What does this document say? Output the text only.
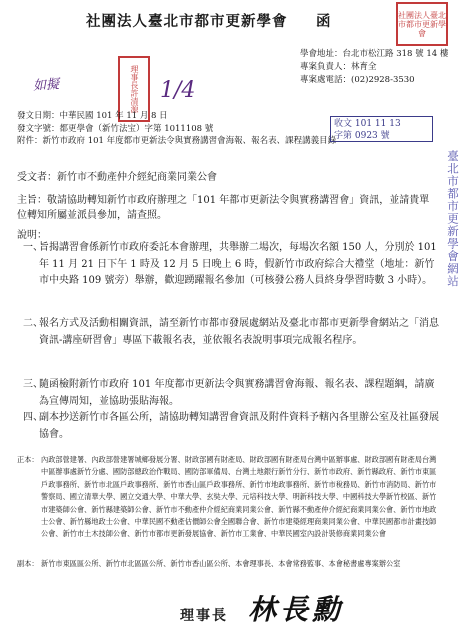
社團法人臺北市都市更新學會 函	社團法人臺北市都市更新學會
如擬	理事長許清源 1/4
學會地址：台北市松江路 318 號 14 樓
專案負責人：林育全
專案處電話：(02)2928-3530
發文日期：中華民國 101 年 11 月 8 日
發文字號：都更學會（新竹法宝）字第 1011108 號
附件：新竹市政府 101 年度都市更新法令與實務講習會海報、報名表、課程講義目錄
收文 101 11 13
字第 0923 號
臺北市都市更新學會網站
受文者：新竹市不動產仲介經紀商業同業公會
主旨：敬請協助轉知新竹市政府辦理之「101 年都市更新法令與實務講習會」資訊，並請貴單位轉知所屬並派員參加，請查照。
說明：
一、
旨揭講習會係新竹市政府委託本會辦理，共舉辦二場次，每場次名額 150 人，分別於 101 年 11 月 21 日下午 1 時及 12 月 5 日晚上 6 時，假新竹市政府綜合大禮堂（地址：新竹市中央路 109 號旁）舉辦，歡迎踴躍報名參加（可核發公務人員終身學習時數 3 小時）。
二、
報名方式及活動相關資訊，請至新竹市都市發展處網站及臺北市都市更新學會網站之「消息資訊-講座研習會」專區下載報名表，並依報名表說明事項完成報名程序。
三、
隨函檢附新竹市政府 101 年度都市更新法令與實務講習會海報、報名表、課程題綱，請廣為宣傳周知，並協助張貼海報。
四、
副本抄送新竹市各區公所，請協助轉知講習會資訊及附件資料予轄內各里辦公室及社區發展協會。
正本： 內政部營建署、內政部營建署城鄉發展分署、財政部國有財產局、財政部國有財產局台灣中區辦事處、財政部國有財產局台灣中區辦事處新竹分處、國防部總政治作戰局、國防部軍備局、台灣土地銀行新竹分行、新竹市政府、新竹縣政府、新竹市東區戶政事務所、新竹市北區戶政事務所、新竹市香山區戶政事務所、新竹市地政事務所、新竹市稅務局、新竹市消防局、新竹市警察局、國立清華大學、國立交通大學、中華大學、玄奘大學、元培科技大學、明新科技大學、中國科技大學新竹校區、新竹市建築師公會、新竹縣建築師公會、新竹市不動產仲介經紀商業同業公會、新竹縣不動產仲介經紀商業同業公會、新竹市地政士公會、新竹縣地政士公會、中華民國不動產估價師公會全國聯合會、新竹市建築經理商業同業公會、中華民國都市計畫技師公會、新竹市土木技師公會、新竹市都市更新發展協會、新竹市工業會、中華民國室內設計裝修商業同業公會
副本： 新竹市東區區公所、新竹市北區區公所、新竹市香山區公所、本會理事長、本會常務監事、本會秘書處專案辦公室
理事長 林長勳
